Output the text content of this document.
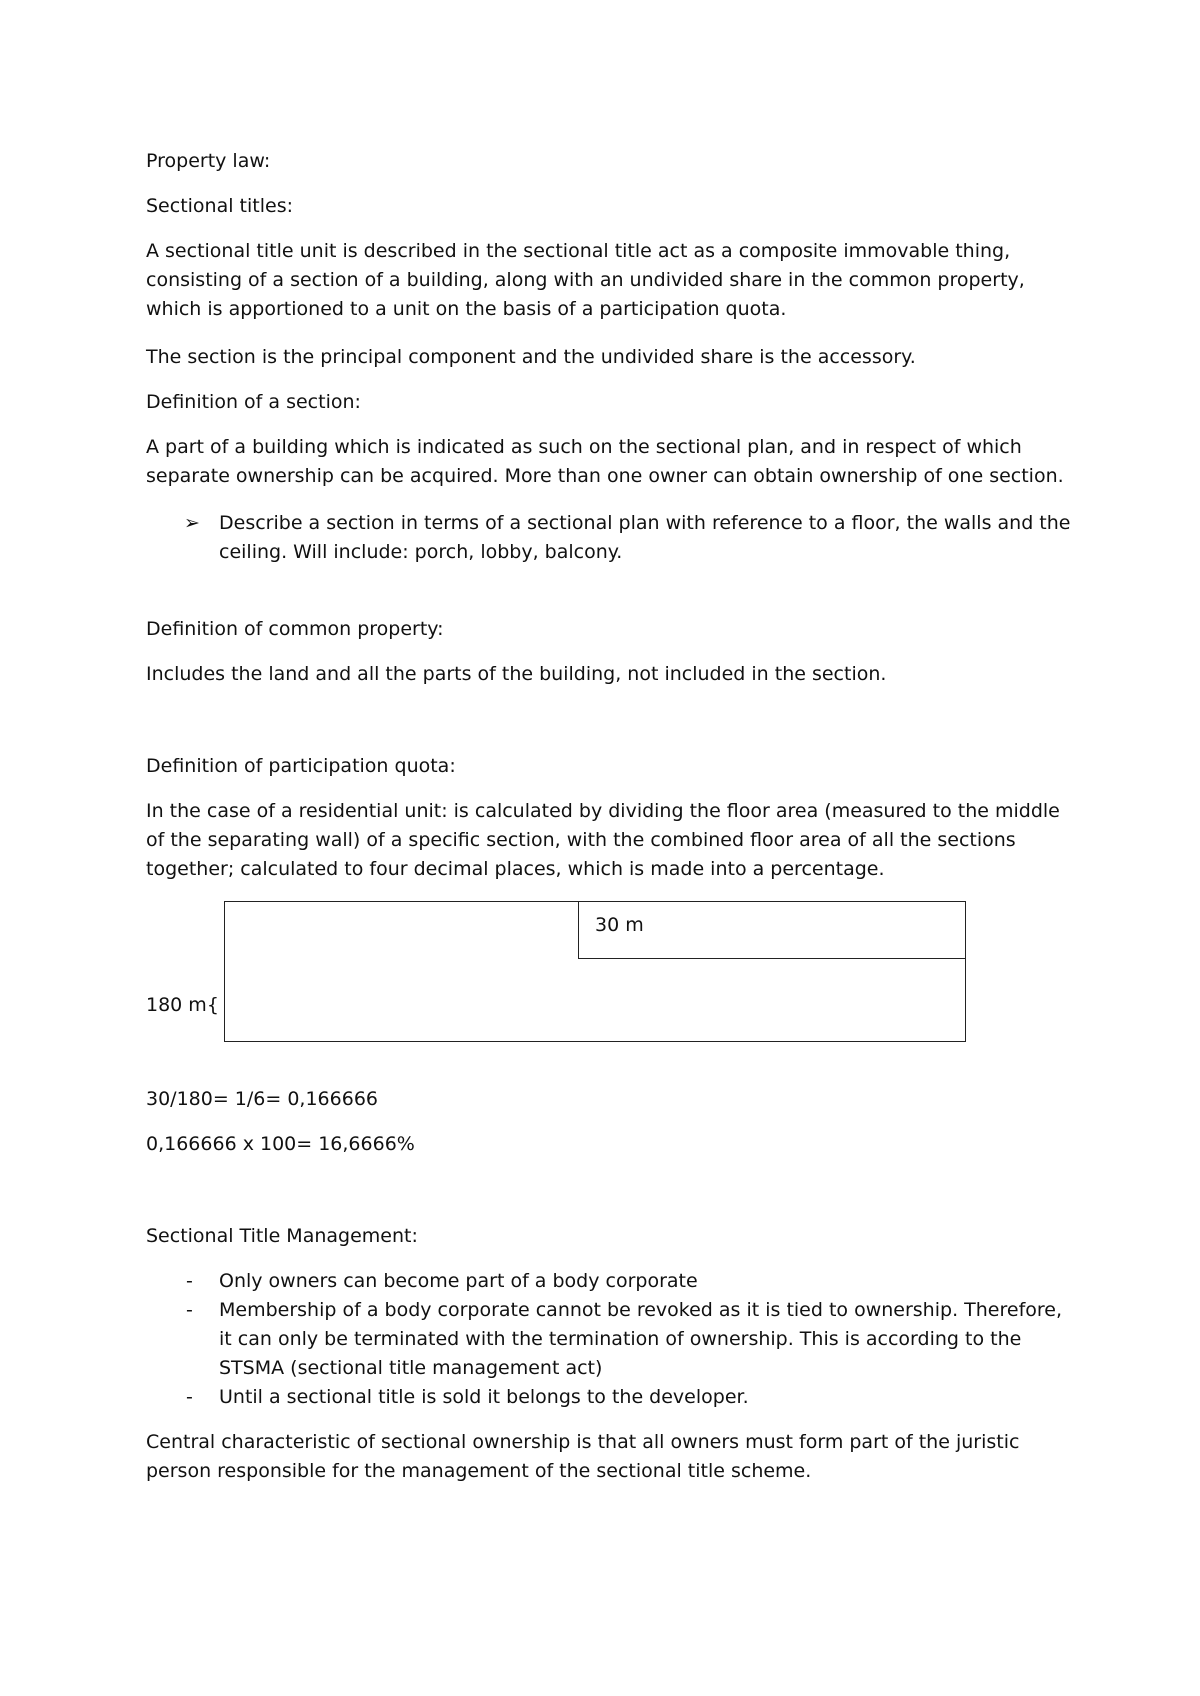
Property law:

Sectional titles:

A sectional title unit is described in the sectional title act as a composite immovable thing, consisting of a section of a building, along with an undivided share in the common property, which is apportioned to a unit on the basis of a participation quota.

The section is the principal component and the undivided share is the accessory.

Definition of a section:

A part of a building which is indicated as such on the sectional plan, and in respect of which separate ownership can be acquired. More than one owner can obtain ownership of one section.

➢ Describe a section in terms of a sectional plan with reference to a floor, the walls and the ceiling. Will include: porch, lobby, balcony.

Definition of common property:

Includes the land and all the parts of the building, not included in the section.

Definition of participation quota:

In the case of a residential unit: is calculated by dividing the floor area (measured to the middle of the separating wall) of a specific section, with the combined floor area of all the sections together; calculated to four decimal places, which is made into a percentage.

30 m
180 m{

30/180= 1/6= 0,166666

0,166666 x 100= 16,6666%

Sectional Title Management:

- Only owners can become part of a body corporate
- Membership of a body corporate cannot be revoked as it is tied to ownership. Therefore, it can only be terminated with the termination of ownership. This is according to the STSMA (sectional title management act)
- Until a sectional title is sold it belongs to the developer.

Central characteristic of sectional ownership is that all owners must form part of the juristic person responsible for the management of the sectional title scheme.
